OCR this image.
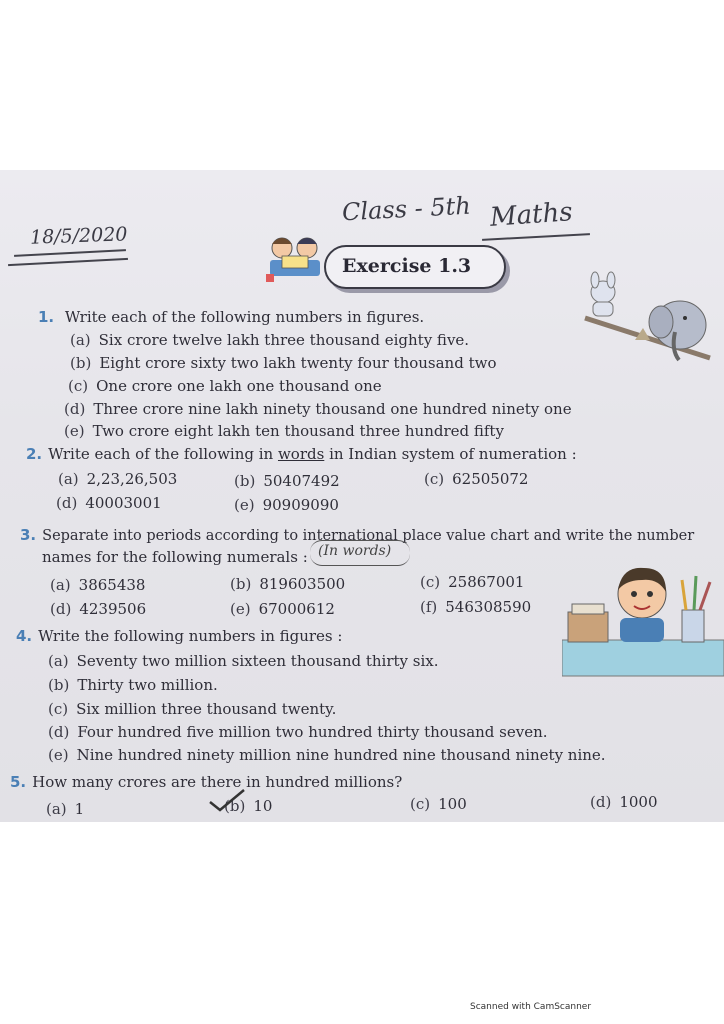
18/5/2020
Class - 5th Maths
Exercise 1.3
1. Write each of the following numbers in figures.
(a) Six crore twelve lakh three thousand eighty five.
(b) Eight crore sixty two lakh twenty four thousand two
(c) One crore one lakh one thousand one
(d) Three crore nine lakh ninety thousand one hundred ninety one
(e) Two crore eight lakh ten thousand three hundred fifty
2. Write each of the following in words in Indian system of numeration :
(a) 2,23,26,503	(b) 50407492	(c) 62505072
(d) 40003001	(e) 90909090
3. Separate into periods according to international place value chart and write the number
names for the following numerals : (In words)
(a) 3865438	(b) 819603500	(c) 25867001
(d) 4239506	(e) 67000612	(f) 546308590
4. Write the following numbers in figures :
(a) Seventy two million sixteen thousand thirty six.
(b) Thirty two million.
(c) Six million three thousand twenty.
(d) Four hundred five million two hundred thirty thousand seven.
(e) Nine hundred ninety million nine hundred nine thousand ninety nine.
5. How many crores are there in hundred millions?
(a) 1	(b) 10	(c) 100	(d) 1000
Scanned with CamScanner
